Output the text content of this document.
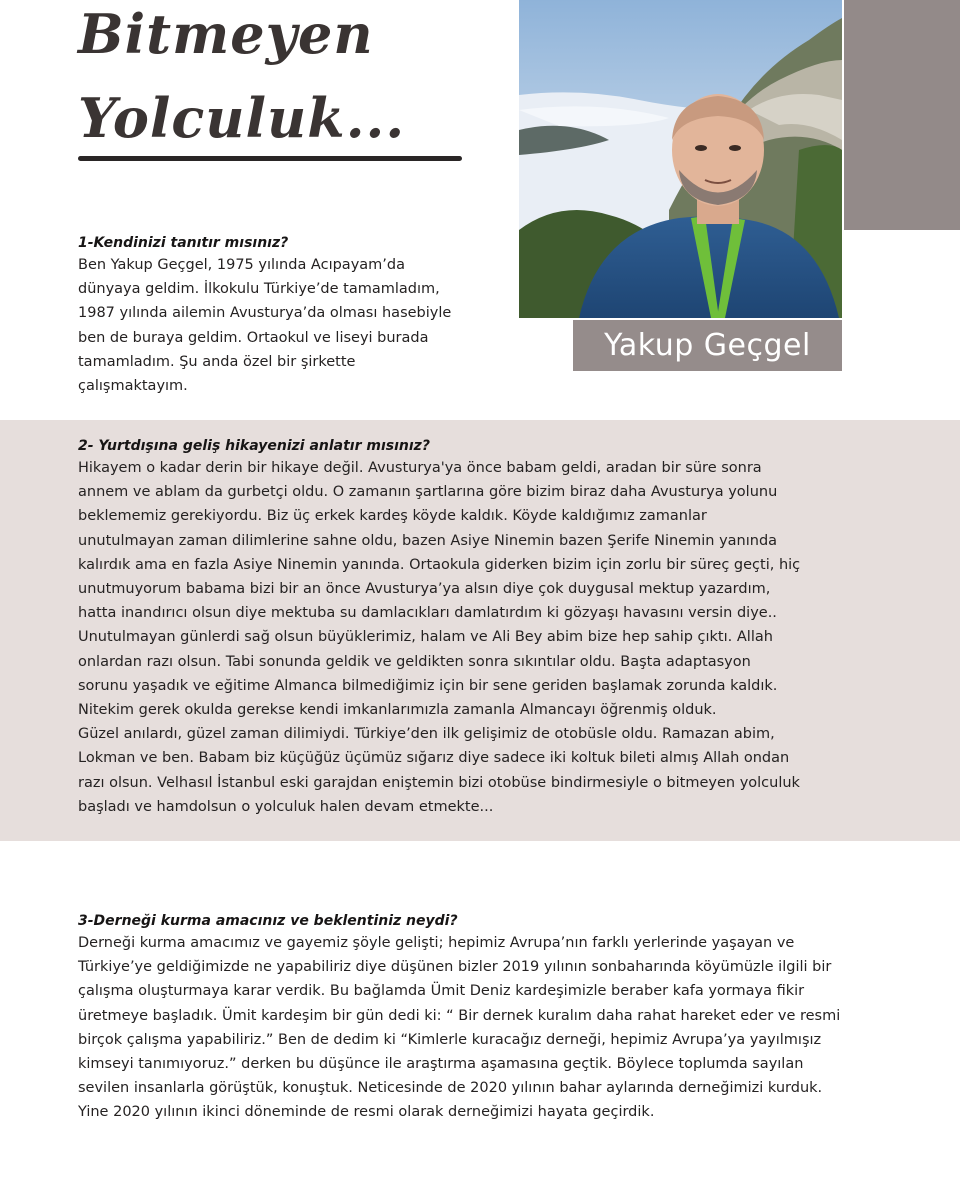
Bitmeyen
Yolculuk...
Yakup Geçgel

1-Kendinizi tanıtır mısınız?

Ben Yakup Geçgel, 1975 yılında Acıpayam’da
dünyaya geldim. İlkokulu Türkiye’de tamamladım,
1987 yılında ailemin Avusturya’da olması hasebiyle
ben de buraya geldim. Ortaokul ve liseyi burada
tamamladım. Şu anda özel bir şirkette
çalışmaktayım.

2- Yurtdışına geliş hikayenizi anlatır mısınız?

Hikayem o kadar derin bir hikaye değil. Avusturya'ya önce babam geldi, aradan bir süre sonra
annem ve ablam da gurbetçi oldu. O zamanın şartlarına göre bizim biraz daha Avusturya yolunu
beklememiz gerekiyordu. Biz üç erkek kardeş köyde kaldık. Köyde kaldığımız zamanlar
unutulmayan zaman dilimlerine sahne oldu, bazen Asiye Ninemin bazen Şerife Ninemin yanında
kalırdık ama en fazla Asiye Ninemin yanında. Ortaokula giderken bizim için zorlu bir süreç geçti, hiç
unutmuyorum babama bizi bir an önce Avusturya’ya alsın diye çok duygusal mektup yazardım,
hatta inandırıcı olsun diye mektuba su damlacıkları damlatırdım ki gözyaşı havasını versin diye..
Unutulmayan günlerdi sağ olsun büyüklerimiz, halam ve Ali Bey abim bize hep sahip çıktı. Allah
onlardan razı olsun. Tabi sonunda geldik ve geldikten sonra sıkıntılar oldu. Başta adaptasyon
sorunu yaşadık ve eğitime Almanca bilmediğimiz için bir sene geriden başlamak zorunda kaldık.
Nitekim gerek okulda gerekse kendi imkanlarımızla zamanla Almancayı öğrenmiş olduk.
Güzel anılardı, güzel zaman dilimiydi. Türkiye’den ilk gelişimiz de otobüsle oldu. Ramazan abim,
Lokman ve ben. Babam biz küçüğüz üçümüz sığarız diye sadece iki koltuk bileti almış Allah ondan
razı olsun. Velhasıl İstanbul eski garajdan eniştemin bizi otobüse bindirmesiyle o bitmeyen yolculuk
başladı ve hamdolsun o yolculuk halen devam etmekte...

3-Derneği kurma amacınız ve beklentiniz neydi?

Derneği kurma amacımız ve gayemiz şöyle gelişti; hepimiz Avrupa’nın farklı yerlerinde yaşayan ve
Türkiye’ye geldiğimizde ne yapabiliriz diye düşünen bizler 2019 yılının sonbaharında köyümüzle ilgili bir
çalışma oluşturmaya karar verdik. Bu bağlamda Ümit Deniz kardeşimizle beraber kafa yormaya fikir
üretmeye başladık. Ümit kardeşim bir gün dedi ki: “ Bir dernek kuralım daha rahat hareket eder ve resmi
birçok çalışma yapabiliriz.” Ben de dedim ki “Kimlerle kuracağız derneği, hepimiz Avrupa’ya yayılmışız
kimseyi tanımıyoruz.” derken bu düşünce ile araştırma aşamasına geçtik. Böylece toplumda sayılan
sevilen insanlarla görüştük, konuştuk. Neticesinde de 2020 yılının bahar aylarında derneğimizi kurduk.
Yine 2020 yılının ikinci döneminde de resmi olarak derneğimizi hayata geçirdik.
